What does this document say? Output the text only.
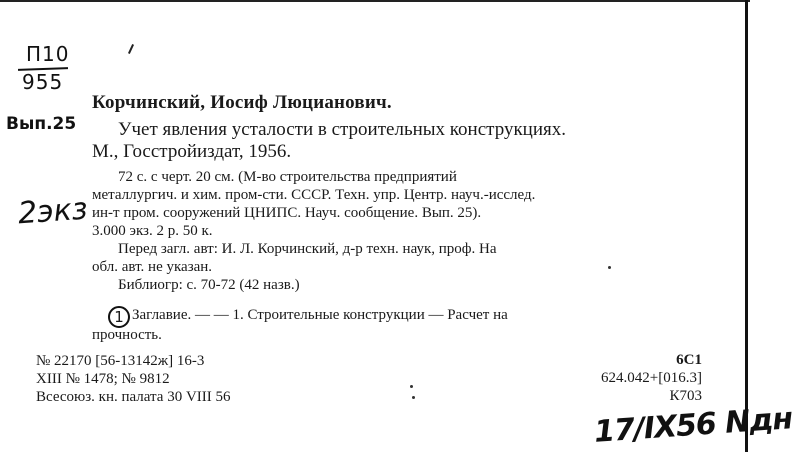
П10
955
Вып.25
2экз
Корчинский, Иосиф Люцианович.
Учет явления усталости в строительных конструкциях.
М., Госстройиздат, 1956.
72 с. с черт. 20 см. (М-во строительства предприятий
металлургич. и хим. пром-сти. СССР. Техн. упр. Центр. науч.-исслед.
ин-т пром. сооружений ЦНИПС. Науч. сообщение. Вып. 25).
3.000 экз. 2 р. 50 к.
Перед загл. авт: И. Л. Корчинский, д-р техн. наук, проф. На
обл. авт. не указан.
Библиогр: с. 70-72 (42 назв.)
1 Заглавие. — — 1. Строительные конструкции — Расчет на
прочность.
№ 22170 [56-13142ж] 16-3
XIII № 1478; № 9812
Всесоюз. кн. палата 30 VIII 56
6С1
624.042+[016.3]
К703
17/IX56 Nдн
